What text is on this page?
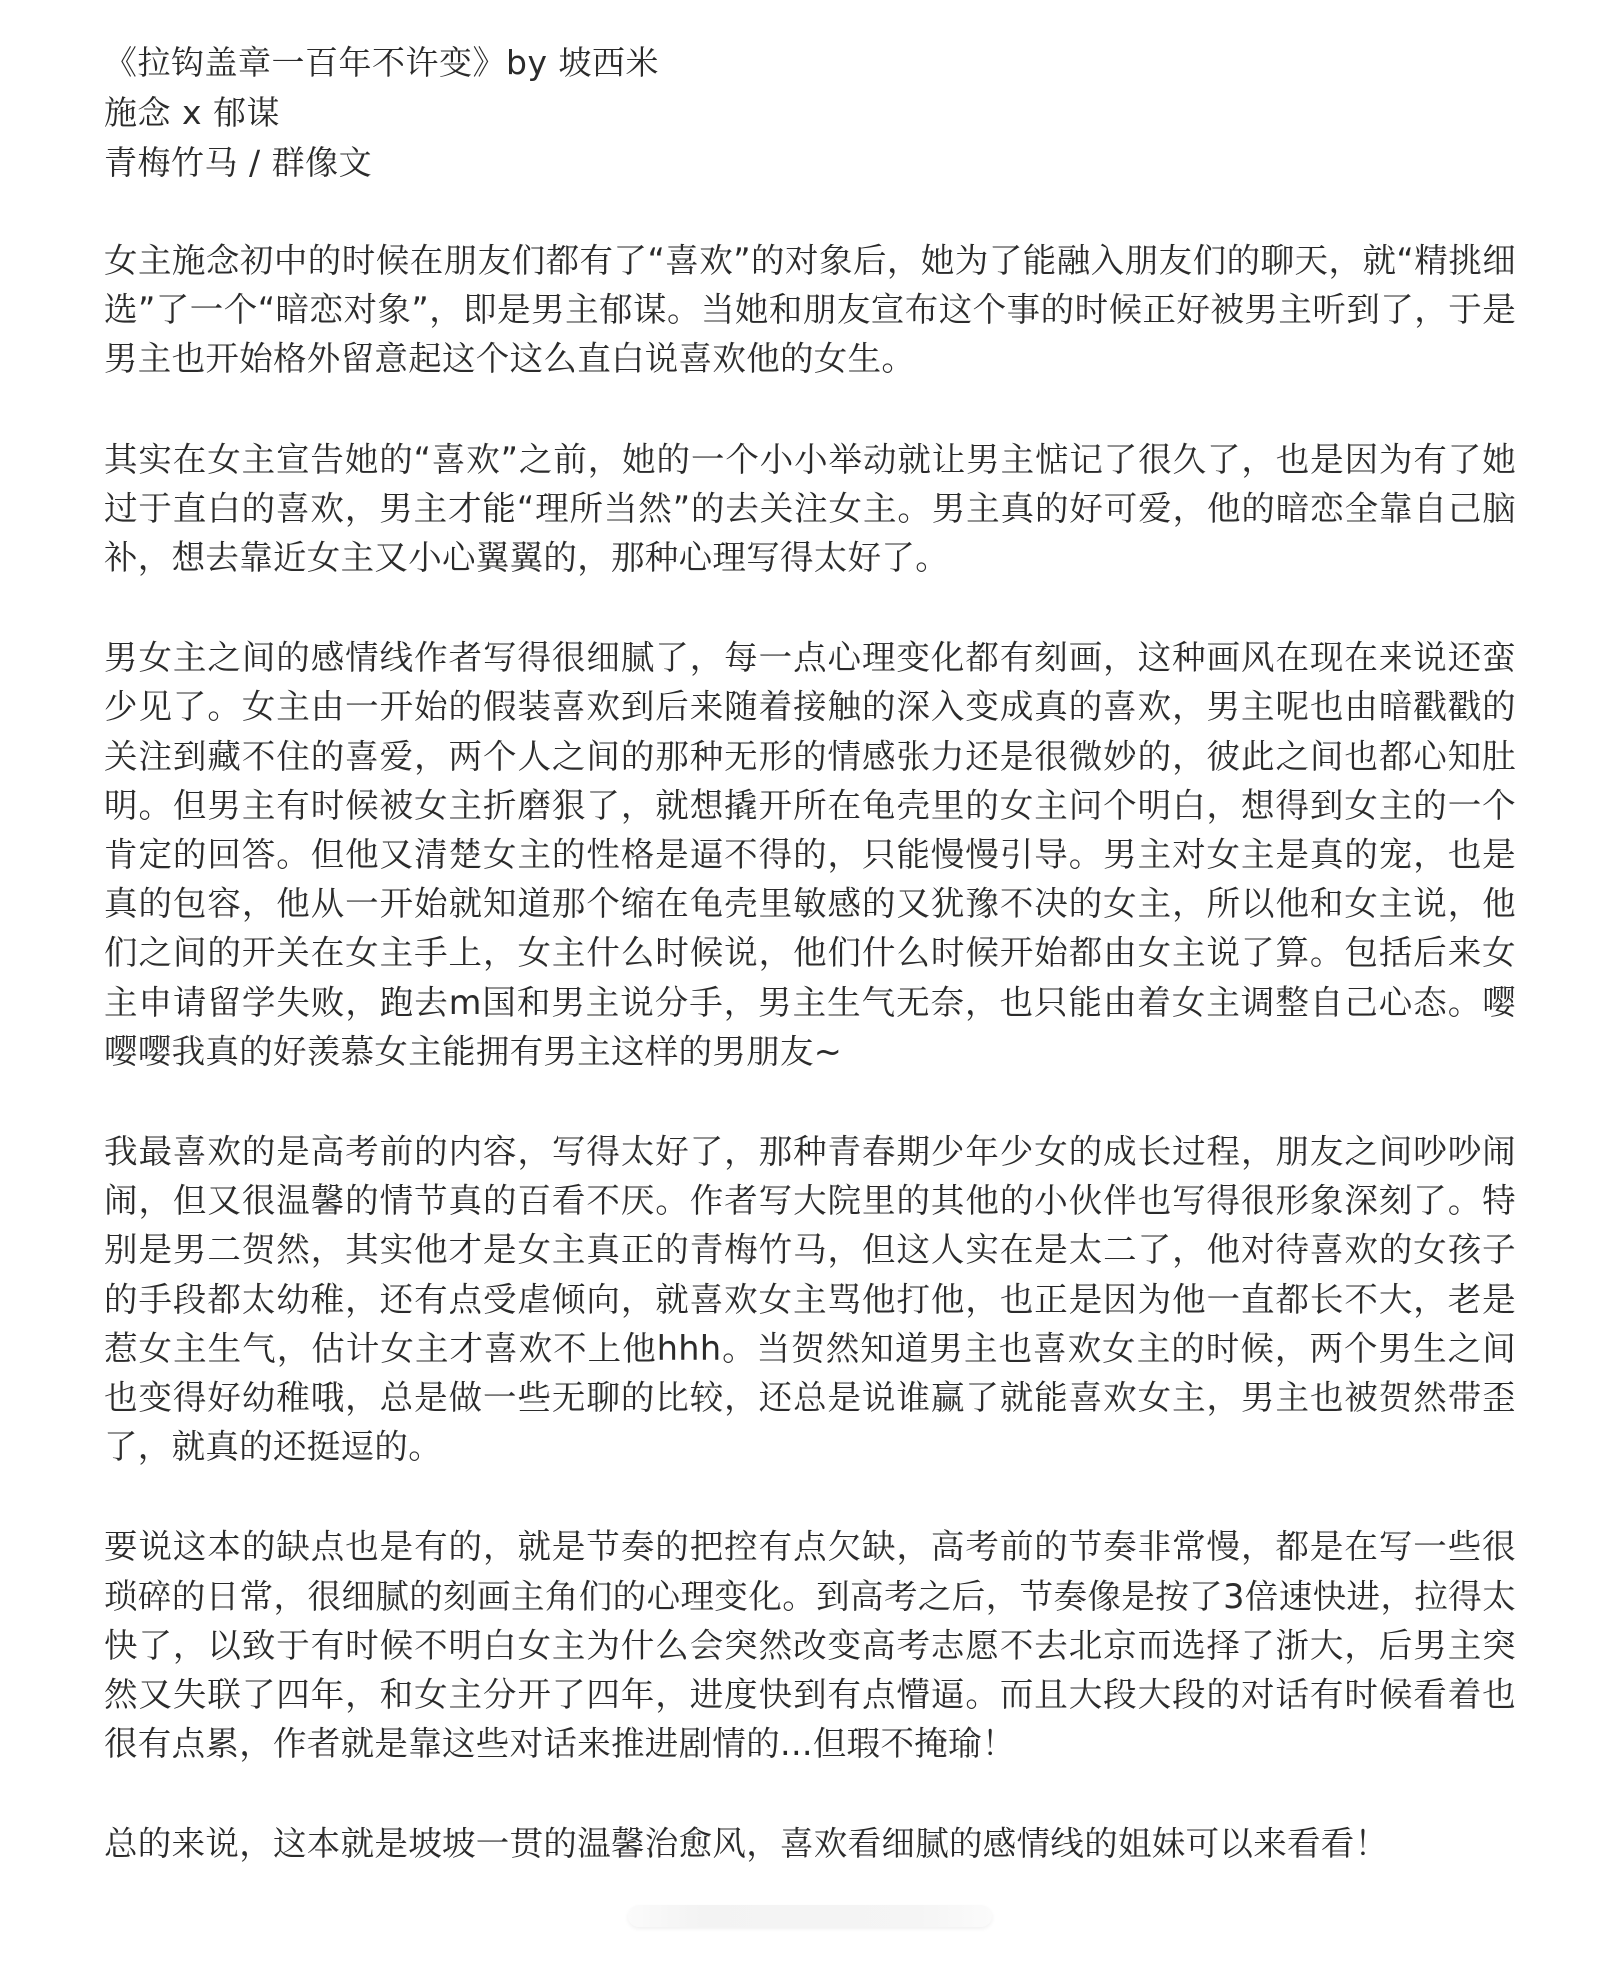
《拉钩盖章一百年不许变》by 坡西米

施念 x 郁谋

青梅竹马 / 群像文

女主施念初中的时候在朋友们都有了“喜欢”的对象后，她为了能融入朋友们的聊天，就“精挑细选”了一个“暗恋对象”，即是男主郁谋。当她和朋友宣布这个事的时候正好被男主听到了，于是男主也开始格外留意起这个这么直白说喜欢他的女生。

其实在女主宣告她的“喜欢”之前，她的一个小小举动就让男主惦记了很久了，也是因为有了她过于直白的喜欢，男主才能“理所当然”的去关注女主。男主真的好可爱，他的暗恋全靠自己脑补，想去靠近女主又小心翼翼的，那种心理写得太好了。

男女主之间的感情线作者写得很细腻了，每一点心理变化都有刻画，这种画风在现在来说还蛮少见了。女主由一开始的假装喜欢到后来随着接触的深入变成真的喜欢，男主呢也由暗戳戳的关注到藏不住的喜爱，两个人之间的那种无形的情感张力还是很微妙的，彼此之间也都心知肚明。但男主有时候被女主折磨狠了，就想撬开所在龟壳里的女主问个明白，想得到女主的一个肯定的回答。但他又清楚女主的性格是逼不得的，只能慢慢引导。男主对女主是真的宠，也是真的包容，他从一开始就知道那个缩在龟壳里敏感的又犹豫不决的女主，所以他和女主说，他们之间的开关在女主手上，女主什么时候说，他们什么时候开始都由女主说了算。包括后来女主申请留学失败，跑去m国和男主说分手，男主生气无奈，也只能由着女主调整自己心态。嘤嘤嘤我真的好羡慕女主能拥有男主这样的男朋友~

我最喜欢的是高考前的内容，写得太好了，那种青春期少年少女的成长过程，朋友之间吵吵闹闹，但又很温馨的情节真的百看不厌。作者写大院里的其他的小伙伴也写得很形象深刻了。特别是男二贺然，其实他才是女主真正的青梅竹马，但这人实在是太二了，他对待喜欢的女孩子的手段都太幼稚，还有点受虐倾向，就喜欢女主骂他打他，也正是因为他一直都长不大，老是惹女主生气，估计女主才喜欢不上他hhh。当贺然知道男主也喜欢女主的时候，两个男生之间也变得好幼稚哦，总是做一些无聊的比较，还总是说谁赢了就能喜欢女主，男主也被贺然带歪了，就真的还挺逗的。

要说这本的缺点也是有的，就是节奏的把控有点欠缺，高考前的节奏非常慢，都是在写一些很琐碎的日常，很细腻的刻画主角们的心理变化。到高考之后，节奏像是按了3倍速快进，拉得太快了，以致于有时候不明白女主为什么会突然改变高考志愿不去北京而选择了浙大，后男主突然又失联了四年，和女主分开了四年，进度快到有点懵逼。而且大段大段的对话有时候看着也很有点累，作者就是靠这些对话来推进剧情的...但瑕不掩瑜！

总的来说，这本就是坡坡一贯的温馨治愈风，喜欢看细腻的感情线的姐妹可以来看看！
